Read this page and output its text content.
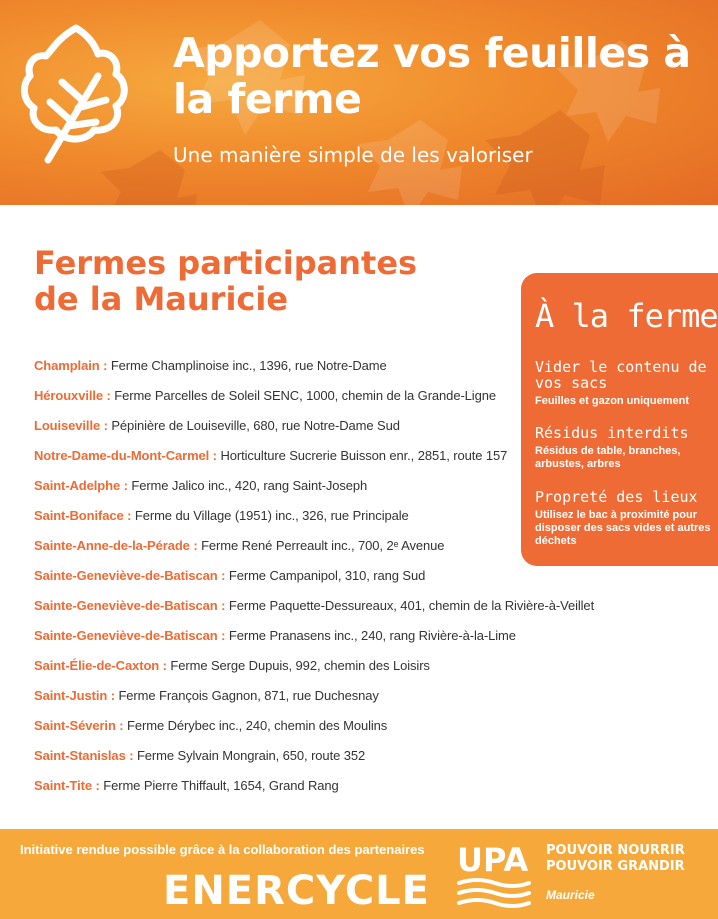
Apportez vos feuilles à la ferme
Une manière simple de les valoriser
Fermes participantes de la Mauricie
Champlain : Ferme Champlinoise inc., 1396, rue Notre-Dame
Hérouxville : Ferme Parcelles de Soleil SENC, 1000, chemin de la Grande-Ligne
Louiseville : Pépinière de Louiseville, 680, rue Notre-Dame Sud
Notre-Dame-du-Mont-Carmel : Horticulture Sucrerie Buisson enr., 2851, route 157
Saint-Adelphe : Ferme Jalico inc., 420, rang Saint-Joseph
Saint-Boniface : Ferme du Village (1951) inc., 326, rue Principale
Sainte-Anne-de-la-Pérade : Ferme René Perreault inc., 700, 2ᵉ Avenue
Sainte-Geneviève-de-Batiscan : Ferme Campanipol, 310, rang Sud
Sainte-Geneviève-de-Batiscan : Ferme Paquette-Dessureaux, 401, chemin de la Rivière-à-Veillet
Sainte-Geneviève-de-Batiscan : Ferme Pranasens inc., 240, rang Rivière-à-la-Lime
Saint-Élie-de-Caxton : Ferme Serge Dupuis, 992, chemin des Loisirs
Saint-Justin : Ferme François Gagnon, 871, rue Duchesnay
Saint-Séverin : Ferme Dérybec inc., 240, chemin des Moulins
Saint-Stanislas : Ferme Sylvain Mongrain, 650, route 352
Saint-Tite : Ferme Pierre Thiffault, 1654, Grand Rang
À la ferme

Vider le contenu de vos sacs

Feuilles et gazon uniquement

Résidus interdits

Résidus de table, branches, arbustes, arbres

Propreté des lieux

Utilisez le bac à proximité pour disposer des sacs vides et autres déchets

Initiative rendue possible grâce à la collaboration des partenaires
ENERCYCLE
UPA POUVOIR NOURRIR
POUVOIR GRANDIR
Mauricie
